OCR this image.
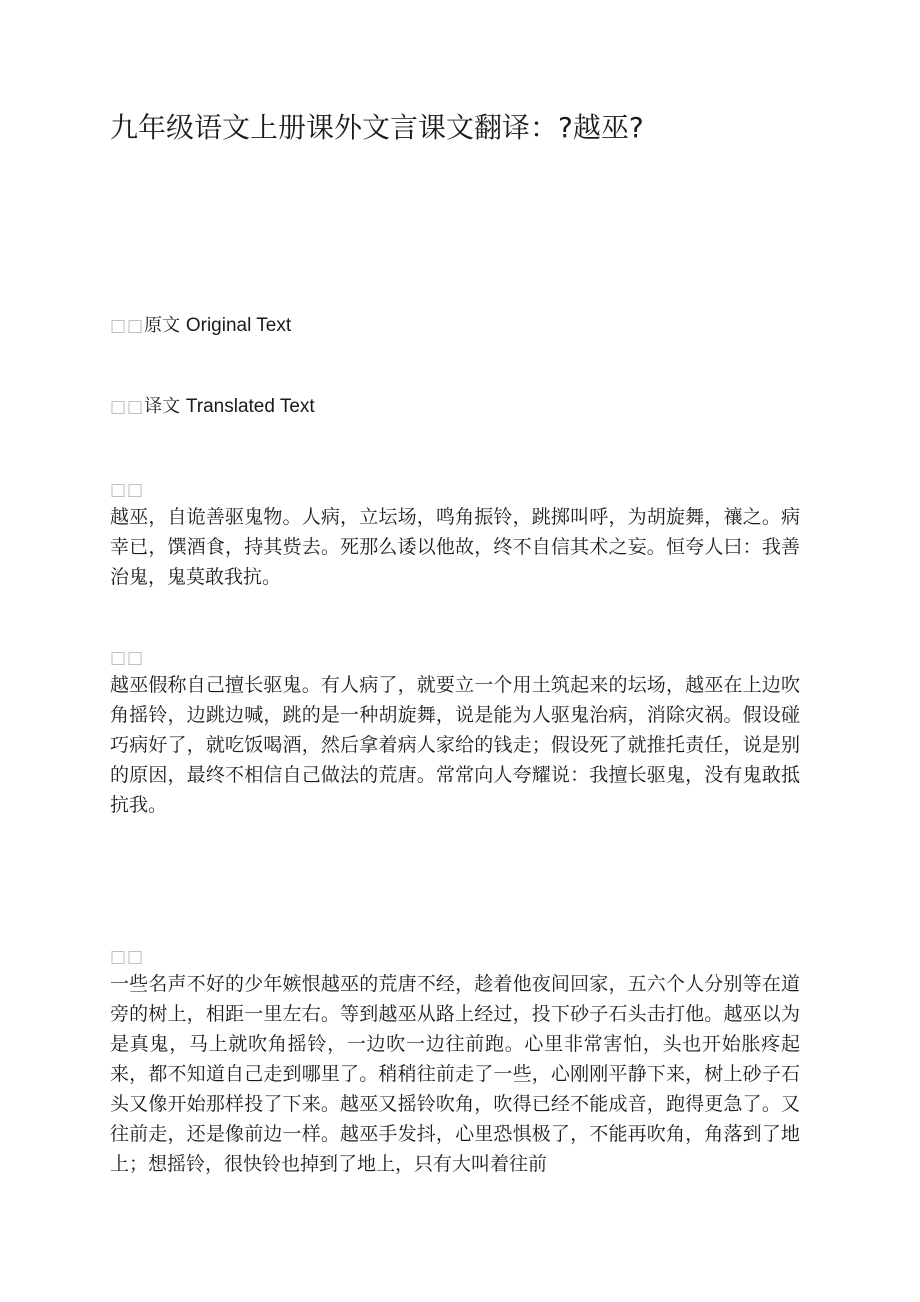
九年级语文上册课外文言课文翻译：?越巫?
□□原文 Original Text
□□译文 Translated Text
□□

越巫，自诡善驱鬼物。人病，立坛场，鸣角振铃，跳掷叫呼，为胡旋舞，禳之。病幸已，馔酒食，持其赀去。死那么诿以他故，终不自信其术之妄。恒夸人曰：我善治鬼，鬼莫敢我抗。

□□

越巫假称自己擅长驱鬼。有人病了，就要立一个用土筑起来的坛场，越巫在上边吹角摇铃，边跳边喊，跳的是一种胡旋舞，说是能为人驱鬼治病，消除灾祸。假设碰巧病好了，就吃饭喝酒，然后拿着病人家给的钱走；假设死了就推托责任，说是别的原因，最终不相信自己做法的荒唐。常常向人夸耀说：我擅长驱鬼，没有鬼敢抵抗我。

□□

一些名声不好的少年嫉恨越巫的荒唐不经，趁着他夜间回家，五六个人分别等在道旁的树上，相距一里左右。等到越巫从路上经过，投下砂子石头击打他。越巫以为是真鬼，马上就吹角摇铃，一边吹一边往前跑。心里非常害怕，头也开始胀疼起来，都不知道自己走到哪里了。稍稍往前走了一些，心刚刚平静下来，树上砂子石头又像开始那样投了下来。越巫又摇铃吹角，吹得已经不能成音，跑得更急了。又往前走，还是像前边一样。越巫手发抖，心里恐惧极了，不能再吹角，角落到了地上；想摇铃，很快铃也掉到了地上，只有大叫着往前
